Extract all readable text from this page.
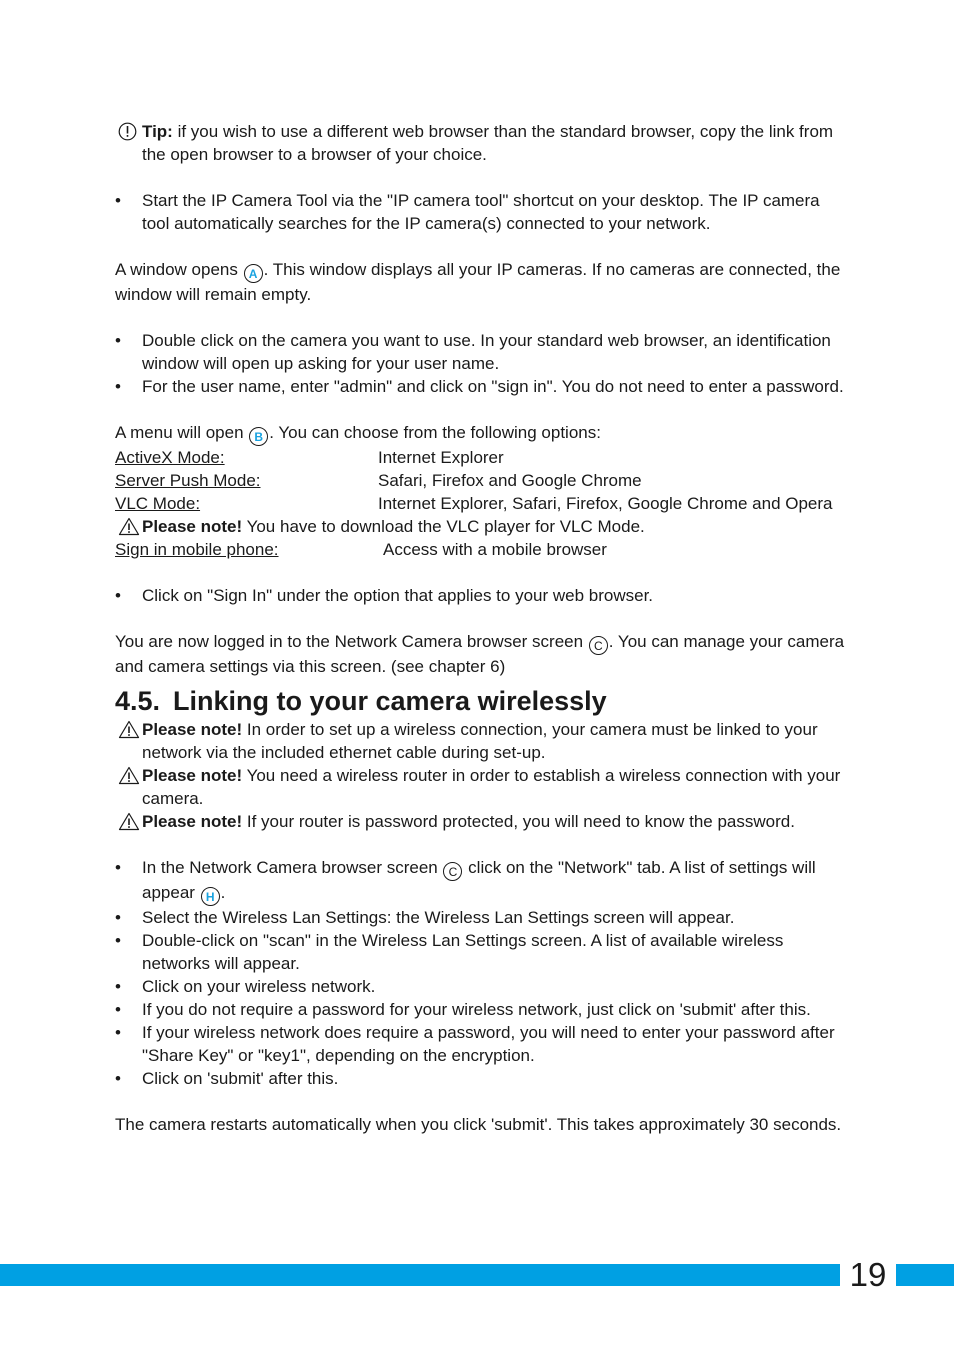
Tip: if you wish to use a different web browser than the standard browser, copy the link from the open browser to a browser of your choice.
• Start the IP Camera Tool via the "IP camera tool" shortcut on your desktop. The IP camera tool automatically searches for the IP camera(s) connected to your network.
A window opens A . This window displays all your IP cameras. If no cameras are connected, the window will remain empty.
• Double click on the camera you want to use. In your standard web browser, an identification window will open up asking for your user name.
• For the user name, enter "admin" and click on "sign in". You do not need to enter a password.
A menu will open B . You can choose from the following options:
ActiveX Mode:	Internet Explorer
Server Push Mode:	Safari, Firefox and Google Chrome
VLC Mode:	Internet Explorer, Safari, Firefox, Google Chrome and Opera
Please note! You have to download the VLC player for VLC Mode.
Sign in mobile phone:	Access with a mobile browser
• Click on "Sign In" under the option that applies to your web browser.
You are now logged in to the Network Camera browser screen C . You can manage your camera and camera settings via this screen. (see chapter 6)
4.5. Linking to your camera wirelessly
Please note! In order to set up a wireless connection, your camera must be linked to your network via the included ethernet cable during set-up.
Please note! You need a wireless router in order to establish a wireless connection with your camera.
Please note! If your router is password protected, you will need to know the password.
• In the Network Camera browser screen C click on the "Network" tab. A list of settings will appear H .
• Select the Wireless Lan Settings: the Wireless Lan Settings screen will appear.
• Double-click on "scan" in the Wireless Lan Settings screen. A list of available wireless networks will appear.
• Click on your wireless network.
• If you do not require a password for your wireless network, just click on 'submit' after this.
• If your wireless network does require a password, you will need to enter your password after "Share Key" or "key1", depending on the encryption.
• Click on 'submit' after this.
The camera restarts automatically when you click 'submit'. This takes approximately 30 seconds.
19
